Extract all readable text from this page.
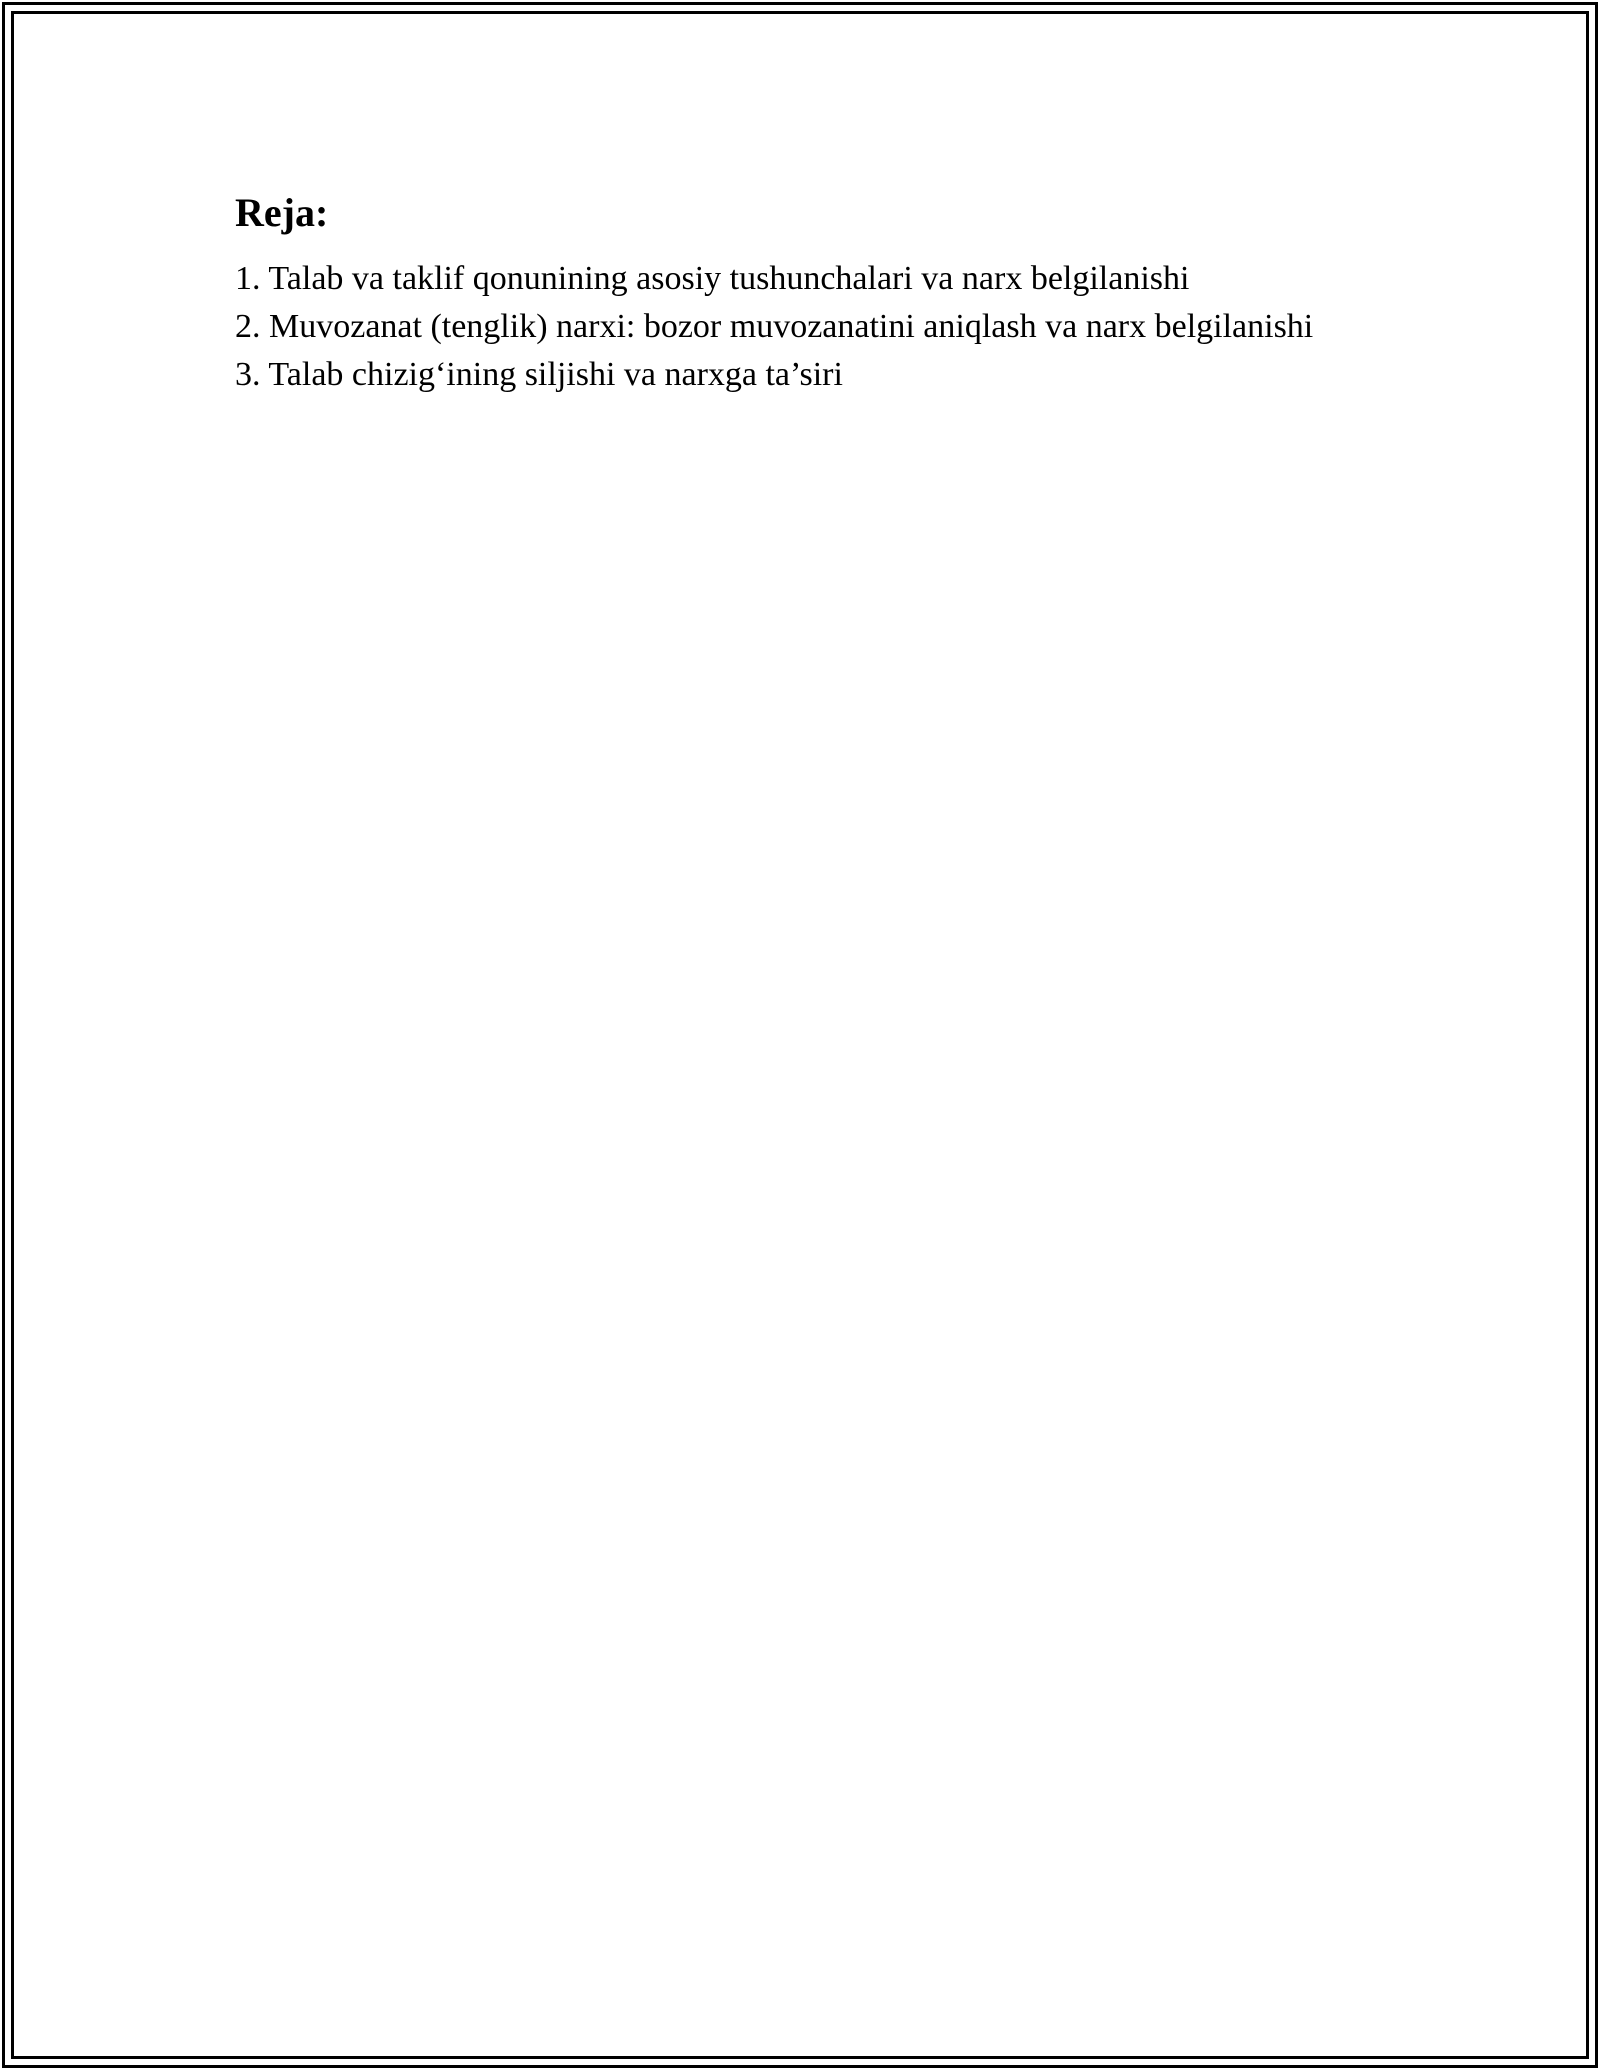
Reja:
1. Talab va taklif qonunining asosiy tushunchalari va narx belgilanishi
2. Muvozanat (tenglik) narxi: bozor muvozanatini aniqlash va narx belgilanishi
3. Talab chizig‘ining siljishi va narxga ta’siri
